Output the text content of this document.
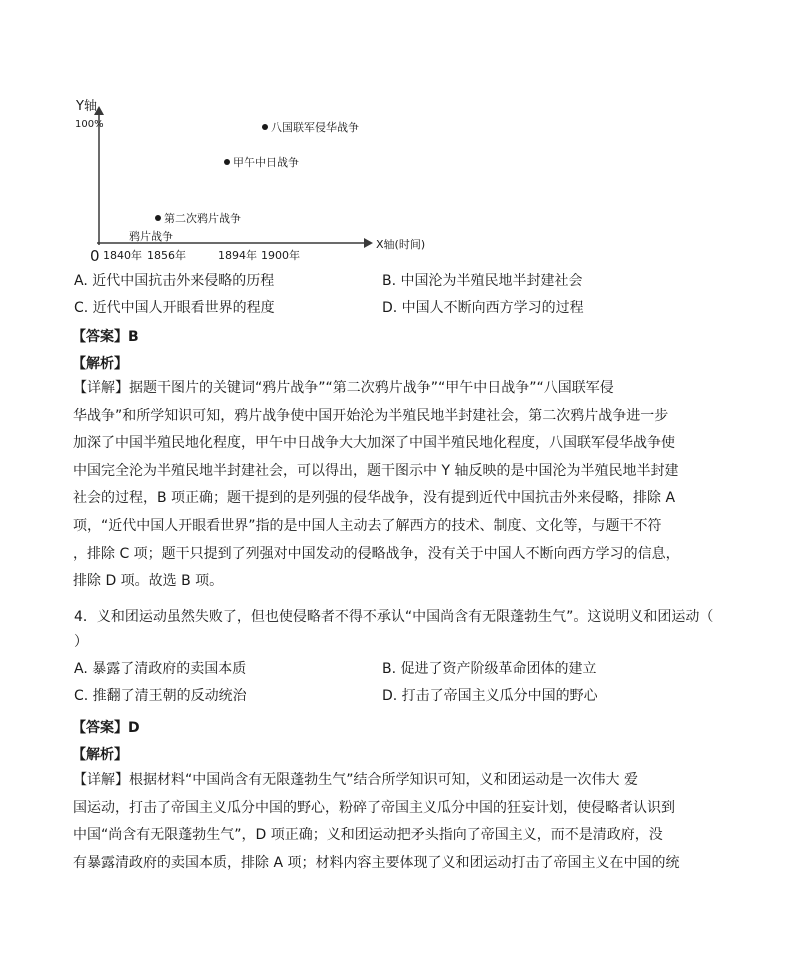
Y轴
100%
0
X轴(时间)
1840年 1856年	1894年 1900年
鸦片战争
第二次鸦片战争
甲午中日战争
八国联军侵华战争
A. 近代中国抗击外来侵略的历程	B. 中国沦为半殖民地半封建社会
C. 近代中国人开眼看世界的程度	D. 中国人不断向西方学习的过程
【答案】B
【解析】
【详解】据题干图片的关键词“鸦片战争”“第二次鸦片战争”“甲午中日战争”“八国联军侵
华战争”和所学知识可知，鸦片战争使中国开始沦为半殖民地半封建社会，第二次鸦片战争进一步
加深了中国半殖民地化程度，甲午中日战争大大加深了中国半殖民地化程度，八国联军侵华战争使
中国完全沦为半殖民地半封建社会，可以得出，题干图示中 Y 轴反映的是中国沦为半殖民地半封建
社会的过程，B 项正确；题干提到的是列强的侵华战争，没有提到近代中国抗击外来侵略，排除 A
项，“近代中国人开眼看世界”指的是中国人主动去了解西方的技术、制度、文化等，与题干不符
，排除 C 项；题干只提到了列强对中国发动的侵略战争，没有关于中国人不断向西方学习的信息，
排除 D 项。故选 B 项。
4．义和团运动虽然失败了，但也使侵略者不得不承认“中国尚含有无限蓬勃生气”。这说明义和团运动（
）
A. 暴露了清政府的卖国本质	B. 促进了资产阶级革命团体的建立
C. 推翻了清王朝的反动统治	D. 打击了帝国主义瓜分中国的野心
【答案】D
【解析】
【详解】根据材料“中国尚含有无限蓬勃生气”结合所学知识可知，义和团运动是一次伟大 爱
国运动，打击了帝国主义瓜分中国的野心，粉碎了帝国主义瓜分中国的狂妄计划，使侵略者认识到
中国“尚含有无限蓬勃生气”，D 项正确；义和团运动把矛头指向了帝国主义，而不是清政府，没
有暴露清政府的卖国本质，排除 A 项；材料内容主要体现了义和团运动打击了帝国主义在中国的统
